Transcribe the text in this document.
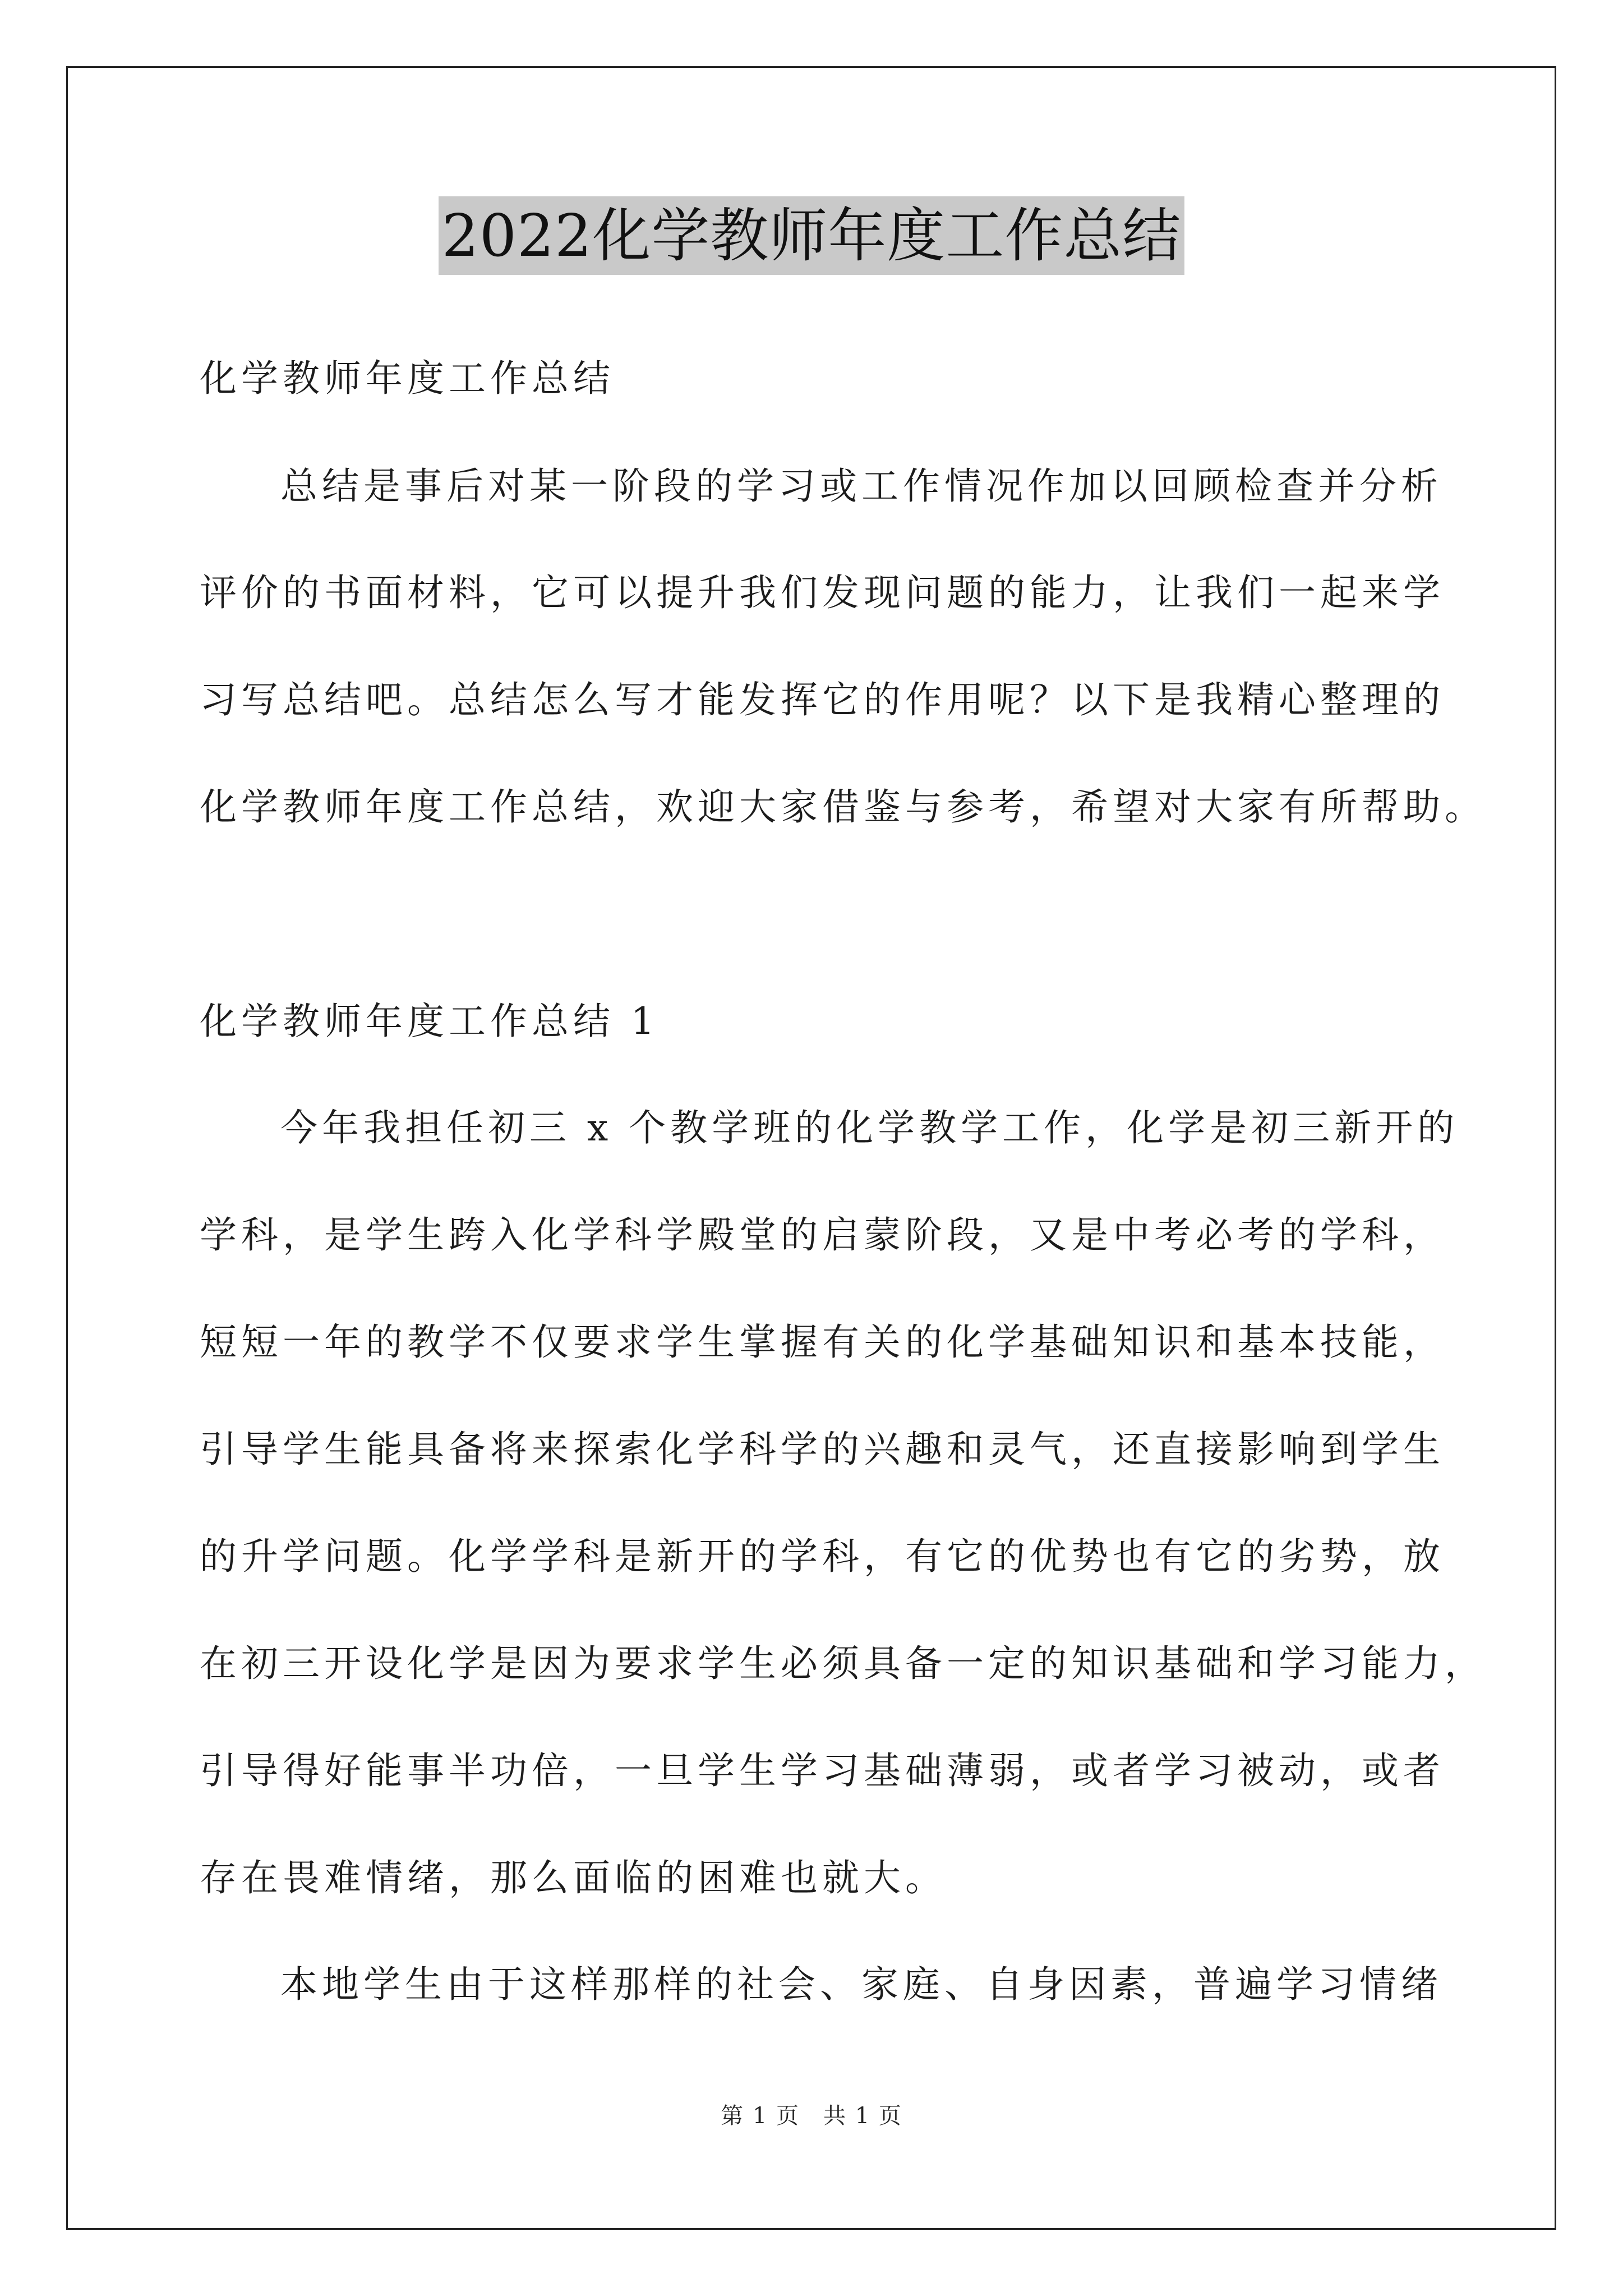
2022化学教师年度工作总结
化学教师年度工作总结
总结是事后对某一阶段的学习或工作情况作加以回顾检查并分析
评价的书面材料，它可以提升我们发现问题的能力，让我们一起来学
习写总结吧。总结怎么写才能发挥它的作用呢？以下是我精心整理的
化学教师年度工作总结，欢迎大家借鉴与参考，希望对大家有所帮助。
化学教师年度工作总结 1
今年我担任初三 x 个教学班的化学教学工作，化学是初三新开的
学科，是学生跨入化学科学殿堂的启蒙阶段，又是中考必考的学科，
短短一年的教学不仅要求学生掌握有关的化学基础知识和基本技能，
引导学生能具备将来探索化学科学的兴趣和灵气，还直接影响到学生
的升学问题。化学学科是新开的学科，有它的优势也有它的劣势，放
在初三开设化学是因为要求学生必须具备一定的知识基础和学习能力，
引导得好能事半功倍，一旦学生学习基础薄弱，或者学习被动，或者
存在畏难情绪，那么面临的困难也就大。
本地学生由于这样那样的社会、家庭、自身因素，普遍学习情绪
第 1 页　共 1 页
